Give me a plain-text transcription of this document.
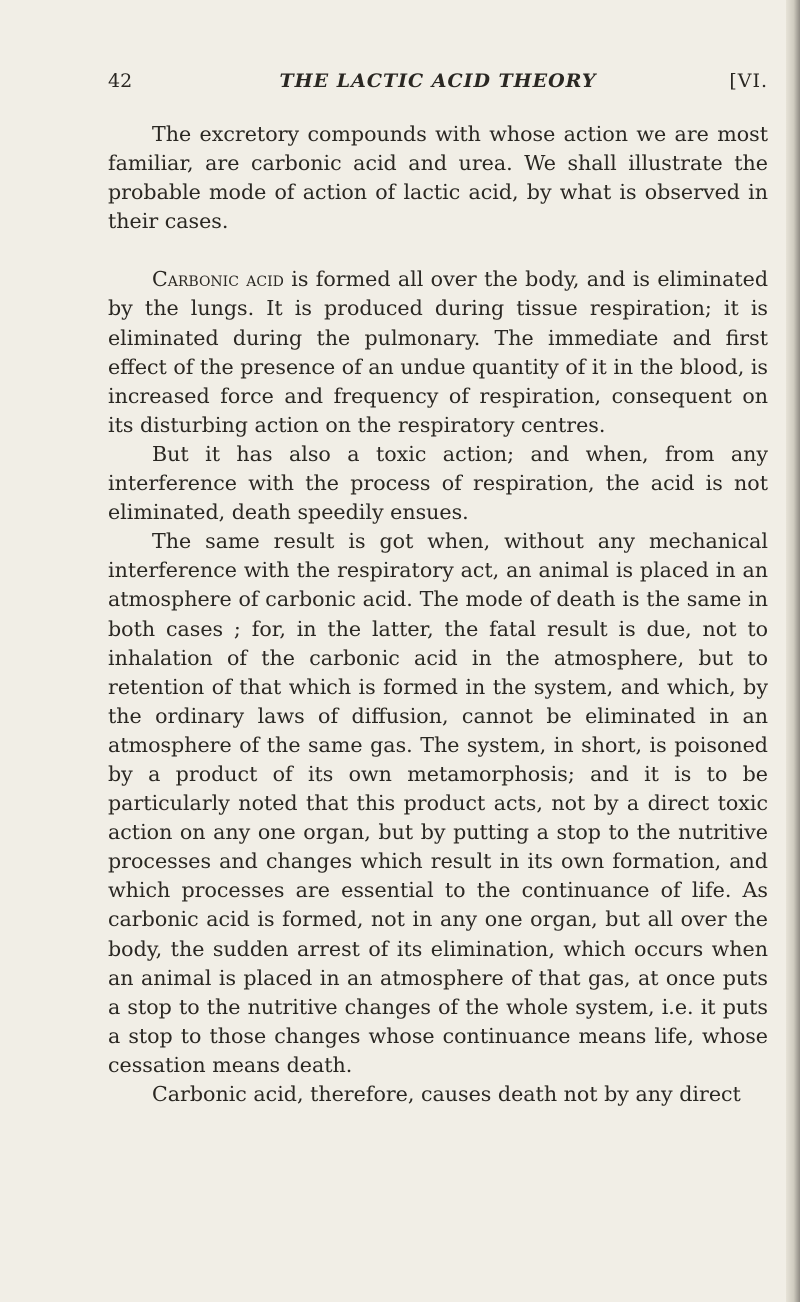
42	THE LACTIC ACID THEORY	[VI.

The excretory compounds with whose action we are most familiar, are carbonic acid and urea. We shall illustrate the probable mode of action of lactic acid, by what is observed in their cases.

Carbonic acid is formed all over the body, and is eliminated by the lungs. It is produced during tissue respiration; it is eliminated during the pulmonary. The immediate and first effect of the presence of an undue quantity of it in the blood, is increased force and frequency of respiration, consequent on its disturbing action on the respiratory centres.

But it has also a toxic action; and when, from any interference with the process of respiration, the acid is not eliminated, death speedily ensues.

The same result is got when, without any mechanical interference with the respiratory act, an animal is placed in an atmosphere of carbonic acid. The mode of death is the same in both cases ; for, in the latter, the fatal result is due, not to inhalation of the carbonic acid in the atmosphere, but to retention of that which is formed in the system, and which, by the ordinary laws of diffusion, cannot be eliminated in an atmosphere of the same gas. The system, in short, is poisoned by a product of its own metamorphosis; and it is to be particularly noted that this product acts, not by a direct toxic action on any one organ, but by putting a stop to the nutritive processes and changes which result in its own formation, and which processes are essential to the continuance of life. As carbonic acid is formed, not in any one organ, but all over the body, the sudden arrest of its elimination, which occurs when an animal is placed in an atmosphere of that gas, at once puts a stop to the nutritive changes of the whole system, i.e. it puts a stop to those changes whose continuance means life, whose cessation means death.

Carbonic acid, therefore, causes death not by any direct
